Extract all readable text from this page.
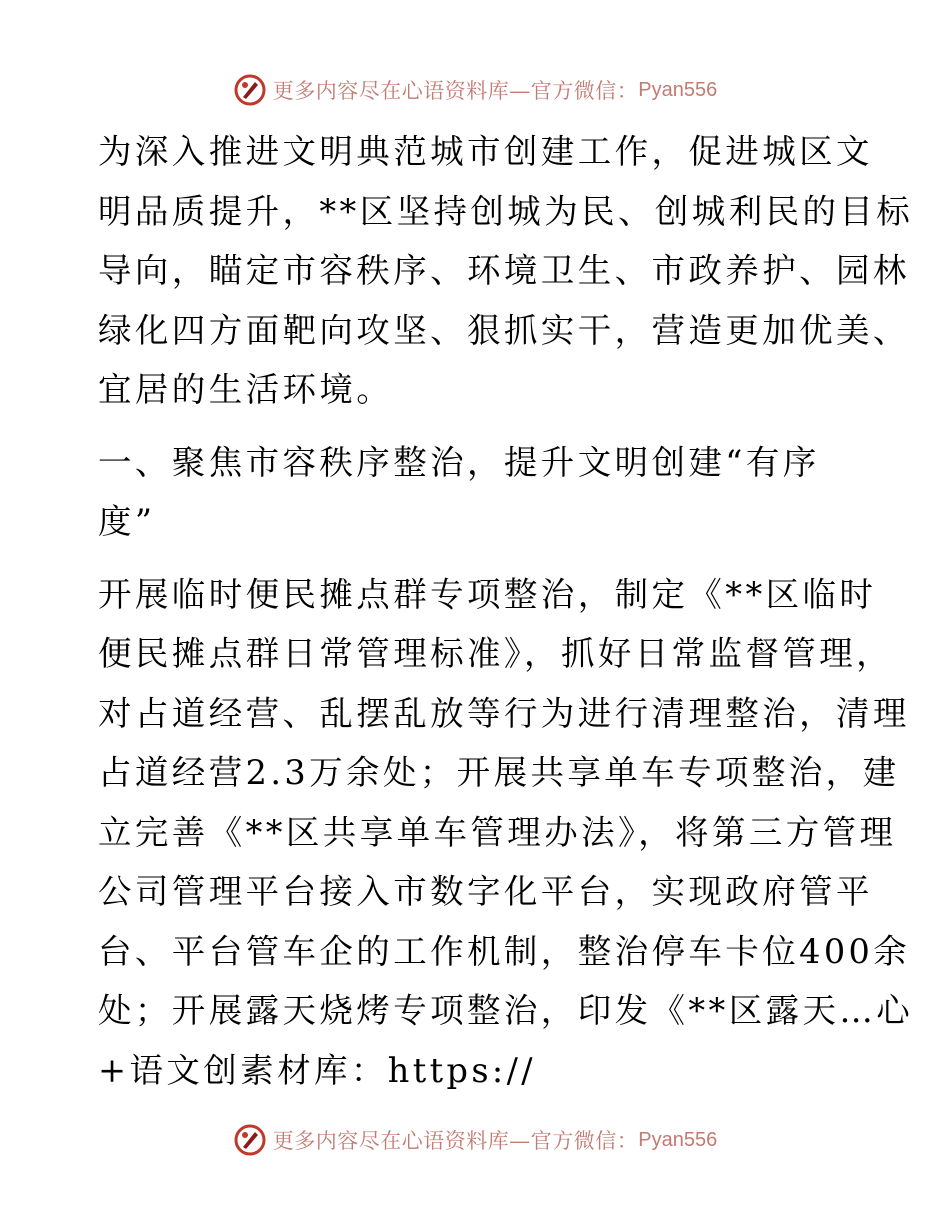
更多内容尽在心语资料库—官方微信： Pyan556

为深入推进文明典范城市创建工作，促进城区文
明品质提升，**区坚持创城为民、创城利民的目标
导向，瞄定市容秩序、环境卫生、市政养护、园林
绿化四方面靶向攻坚、狠抓实干，营造更加优美、
宜居的生活环境。

一、聚焦市容秩序整治，提升文明创建“有序
度”

开展临时便民摊点群专项整治，制定《**区临时
便民摊点群日常管理标准》，抓好日常监督管理，
对占道经营、乱摆乱放等行为进行清理整治，清理
占道经营2.3万余处；开展共享单车专项整治，建
立完善《**区共享单车管理办法》，将第三方管理
公司管理平台接入市数字化平台，实现政府管平
台、平台管车企的工作机制，整治停车卡位400余
处；开展露天烧烤专项整治，印发《**区露天…心
+语文创素材库：https://

更多内容尽在心语资料库—官方微信： Pyan556
